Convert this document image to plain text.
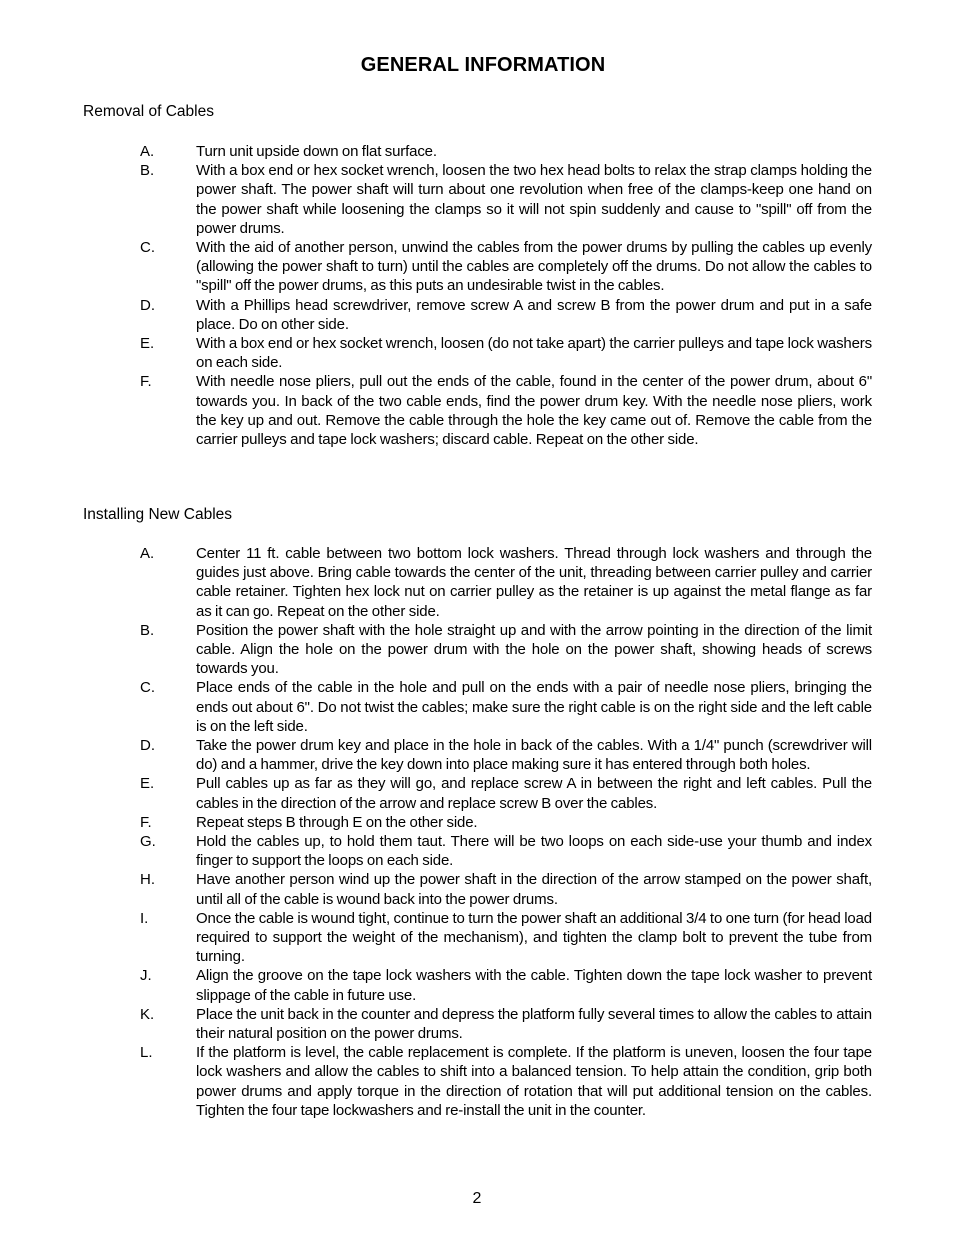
GENERAL INFORMATION
Removal of Cables
A.	Turn unit upside down on flat surface.
B.	With a box end or hex socket wrench, loosen the two hex head bolts to relax the strap clamps holding the power shaft. The power shaft will turn about one revolution when free of the clamps-keep one hand on the power shaft while loosening the clamps so it will not spin suddenly and cause to "spill" off from the power drums.
C.	With the aid of another person, unwind the cables from the power drums by pulling the cables up evenly (allowing the power shaft to turn) until the cables are completely off the drums. Do not allow the cables to "spill" off the power drums, as this puts an undesirable twist in the cables.
D.	With a Phillips head screwdriver, remove screw A and screw B from the power drum and put in a safe place. Do on other side.
E.	With a box end or hex socket wrench, loosen (do not take apart) the carrier pulleys and tape lock washers on each side.
F.	With needle nose pliers, pull out the ends of the cable, found in the center of the power drum, about 6" towards you. In back of the two cable ends, find the power drum key. With the needle nose pliers, work the key up and out. Remove the cable through the hole the key came out of. Remove the cable from the carrier pulleys and tape lock washers; discard cable. Repeat on the other side.
Installing New Cables
A.	Center 11 ft. cable between two bottom lock washers. Thread through lock washers and through the guides just above. Bring cable towards the center of the unit, threading between carrier pulley and carrier cable retainer. Tighten hex lock nut on carrier pulley as the retainer is up against the metal flange as far as it can go. Repeat on the other side.
B.	Position the power shaft with the hole straight up and with the arrow pointing in the direction of the limit cable. Align the hole on the power drum with the hole on the power shaft, showing heads of screws towards you.
C.	Place ends of the cable in the hole and pull on the ends with a pair of needle nose pliers, bringing the ends out about 6". Do not twist the cables; make sure the right cable is on the right side and the left cable is on the left side.
D.	Take the power drum key and place in the hole in back of the cables. With a 1/4" punch (screwdriver will do) and a hammer, drive the key down into place making sure it has entered through both holes.
E.	Pull cables up as far as they will go, and replace screw A in between the right and left cables. Pull the cables in the direction of the arrow and replace screw B over the cables.
F.	Repeat steps B through E on the other side.
G.	Hold the cables up, to hold them taut. There will be two loops on each side-use your thumb and index finger to support the loops on each side.
H.	Have another person wind up the power shaft in the direction of the arrow stamped on the power shaft, until all of the cable is wound back into the power drums.
I.	Once the cable is wound tight, continue to turn the power shaft an additional 3/4 to one turn (for head load required to support the weight of the mechanism), and tighten the clamp bolt to prevent the tube from turning.
J.	Align the groove on the tape lock washers with the cable. Tighten down the tape lock washer to prevent slippage of the cable in future use.
K.	Place the unit back in the counter and depress the platform fully several times to allow the cables to attain their natural position on the power drums.
L.	If the platform is level, the cable replacement is complete. If the platform is uneven, loosen the four tape lock washers and allow the cables to shift into a balanced tension. To help attain the condition, grip both power drums and apply torque in the direction of rotation that will put additional tension on the cables. Tighten the four tape lockwashers and re-install the unit in the counter.
2
